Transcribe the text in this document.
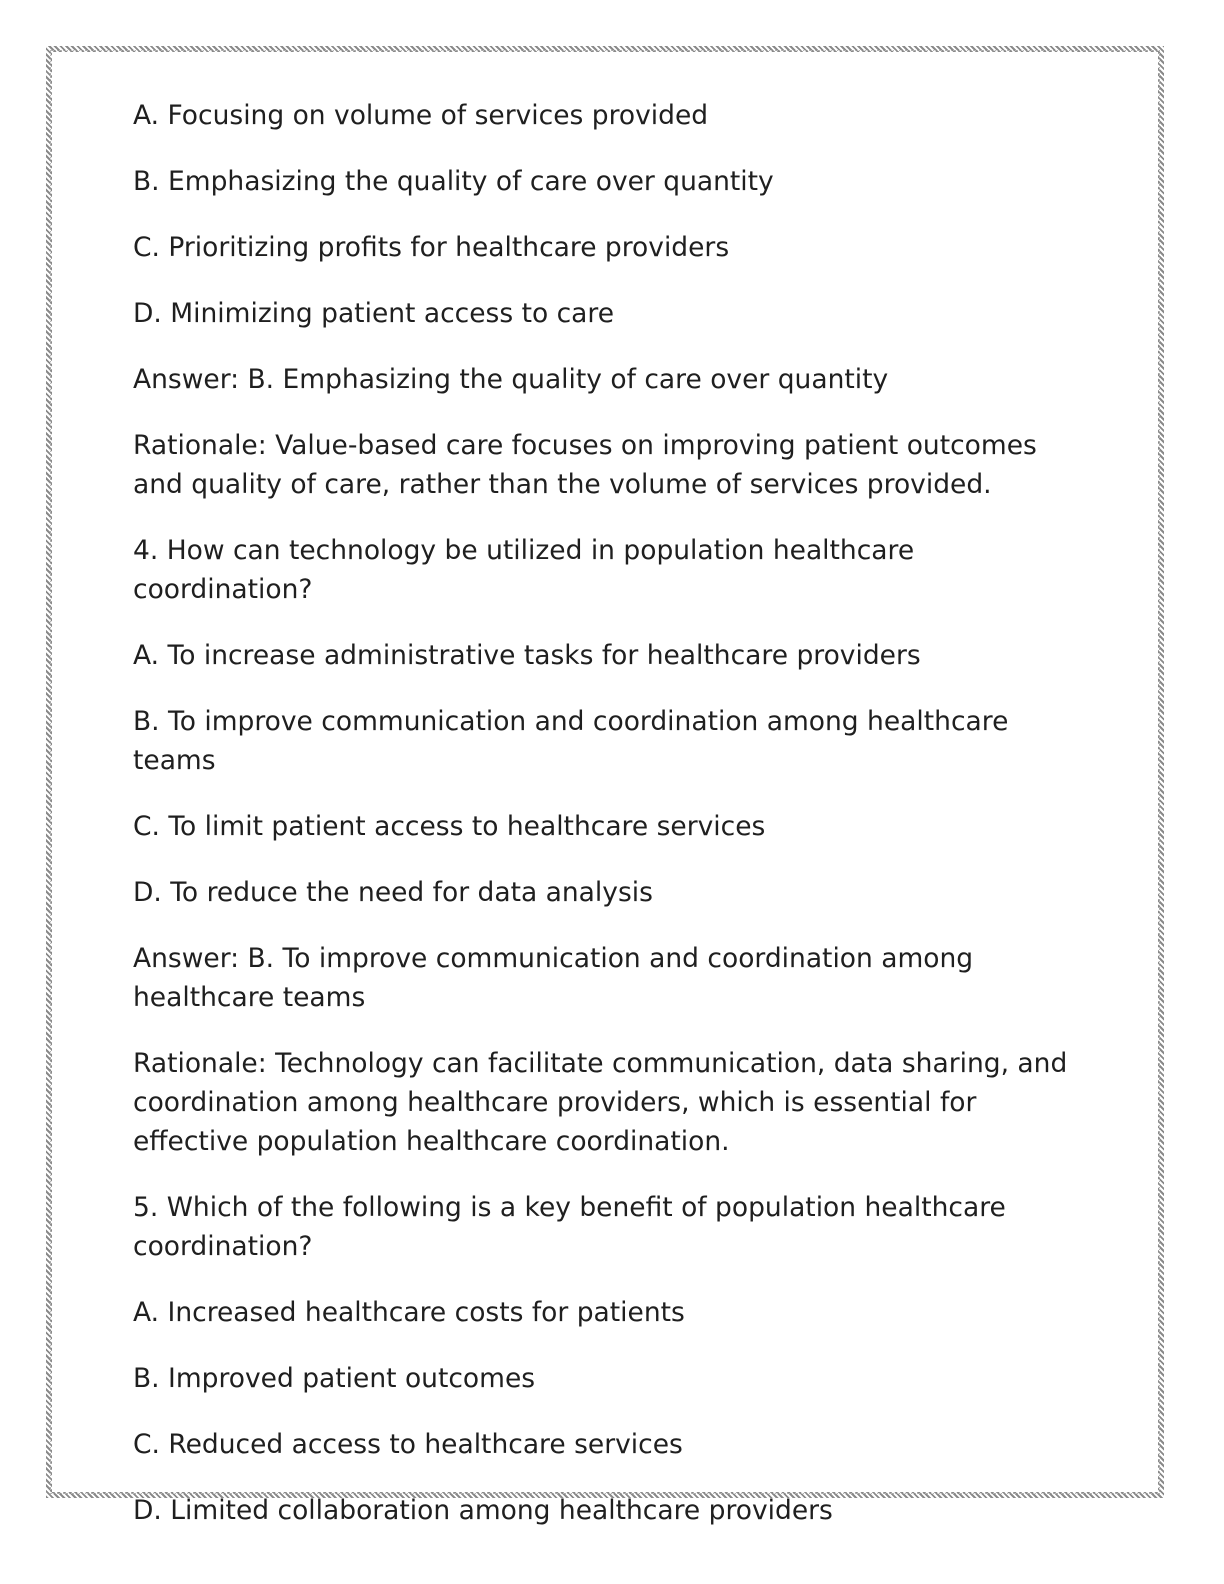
A. Focusing on volume of services provided

B. Emphasizing the quality of care over quantity

C. Prioritizing profits for healthcare providers

D. Minimizing patient access to care

Answer: B. Emphasizing the quality of care over quantity

Rationale: Value-based care focuses on improving patient outcomes and quality of care, rather than the volume of services provided.

4. How can technology be utilized in population healthcare coordination?

A. To increase administrative tasks for healthcare providers

B. To improve communication and coordination among healthcare teams

C. To limit patient access to healthcare services

D. To reduce the need for data analysis

Answer: B. To improve communication and coordination among healthcare teams

Rationale: Technology can facilitate communication, data sharing, and coordination among healthcare providers, which is essential for effective population healthcare coordination.

5. Which of the following is a key benefit of population healthcare coordination?

A. Increased healthcare costs for patients

B. Improved patient outcomes

C. Reduced access to healthcare services

D. Limited collaboration among healthcare providers
